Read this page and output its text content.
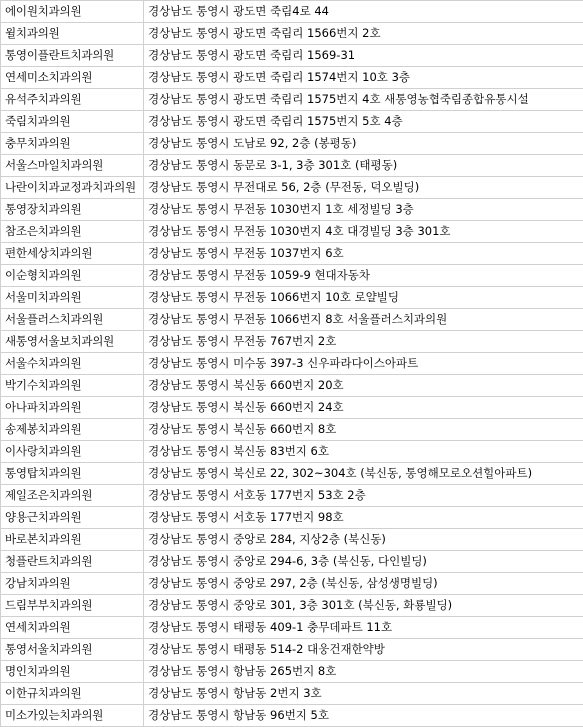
에이원치과의원	경상남도 통영시 광도면 죽림4로 44
윌치과의원	경상남도 통영시 광도면 죽림리 1566번지 2호
통영이플란트치과의원	경상남도 통영시 광도면 죽림리 1569-31
연세미소치과의원	경상남도 통영시 광도면 죽림리 1574번지 10호 3층
유석주치과의원	경상남도 통영시 광도면 죽림리 1575번지 4호 새통영농협죽림종합유통시설
죽림치과의원	경상남도 통영시 광도면 죽림리 1575번지 5호 4층
충무치과의원	경상남도 통영시 도남로 92, 2층 (봉평동)
서울스마일치과의원	경상남도 통영시 동문로 3-1, 3층 301호 (태평동)
나란이치과교정과치과의원	경상남도 통영시 무전대로 56, 2층 (무전동, 덕오빌딩)
통영장치과의원	경상남도 통영시 무전동 1030번지 1호 세정빌딩 3층
참조은치과의원	경상남도 통영시 무전동 1030번지 4호 대경빌딩 3층 301호
편한세상치과의원	경상남도 통영시 무전동 1037번지 6호
이순형치과의원	경상남도 통영시 무전동 1059-9 현대자동차
서울미치과의원	경상남도 통영시 무전동 1066번지 10호 로얄빌딩
서울플러스치과의원	경상남도 통영시 무전동 1066번지 8호 서울플러스치과의원
새통영서울보치과의원	경상남도 통영시 무전동 767번지 2호
서울수치과의원	경상남도 통영시 미수동 397-3 신우파라다이스아파트
박기수치과의원	경상남도 통영시 북신동 660번지 20호
아나파치과의원	경상남도 통영시 북신동 660번지 24호
송제봉치과의원	경상남도 통영시 북신동 660번지 8호
이사랑치과의원	경상남도 통영시 북신동 83번지 6호
통영탑치과의원	경상남도 통영시 북신로 22, 302~304호 (북신동, 통영해모로오션힐아파트)
제일조은치과의원	경상남도 통영시 서호동 177번지 53호 2층
양용근치과의원	경상남도 통영시 서호동 177번지 98호
바로본치과의원	경상남도 통영시 중앙로 284, 지상2층 (북신동)
청플란트치과의원	경상남도 통영시 중앙로 294-6, 3층 (북신동, 다인빌딩)
강남치과의원	경상남도 통영시 중앙로 297, 2층 (북신동, 삼성생명빌딩)
드림부부치과의원	경상남도 통영시 중앙로 301, 3층 301호 (북신동, 화룡빌딩)
연세치과의원	경상남도 통영시 태평동 409-1 충무데파트 11호
통영서울치과의원	경상남도 통영시 태평동 514-2 대웅건재한약방
명인치과의원	경상남도 통영시 항남동 265번지 8호
이한규치과의원	경상남도 통영시 항남동 2번지 3호
미소가있는치과의원	경상남도 통영시 항남동 96번지 5호
